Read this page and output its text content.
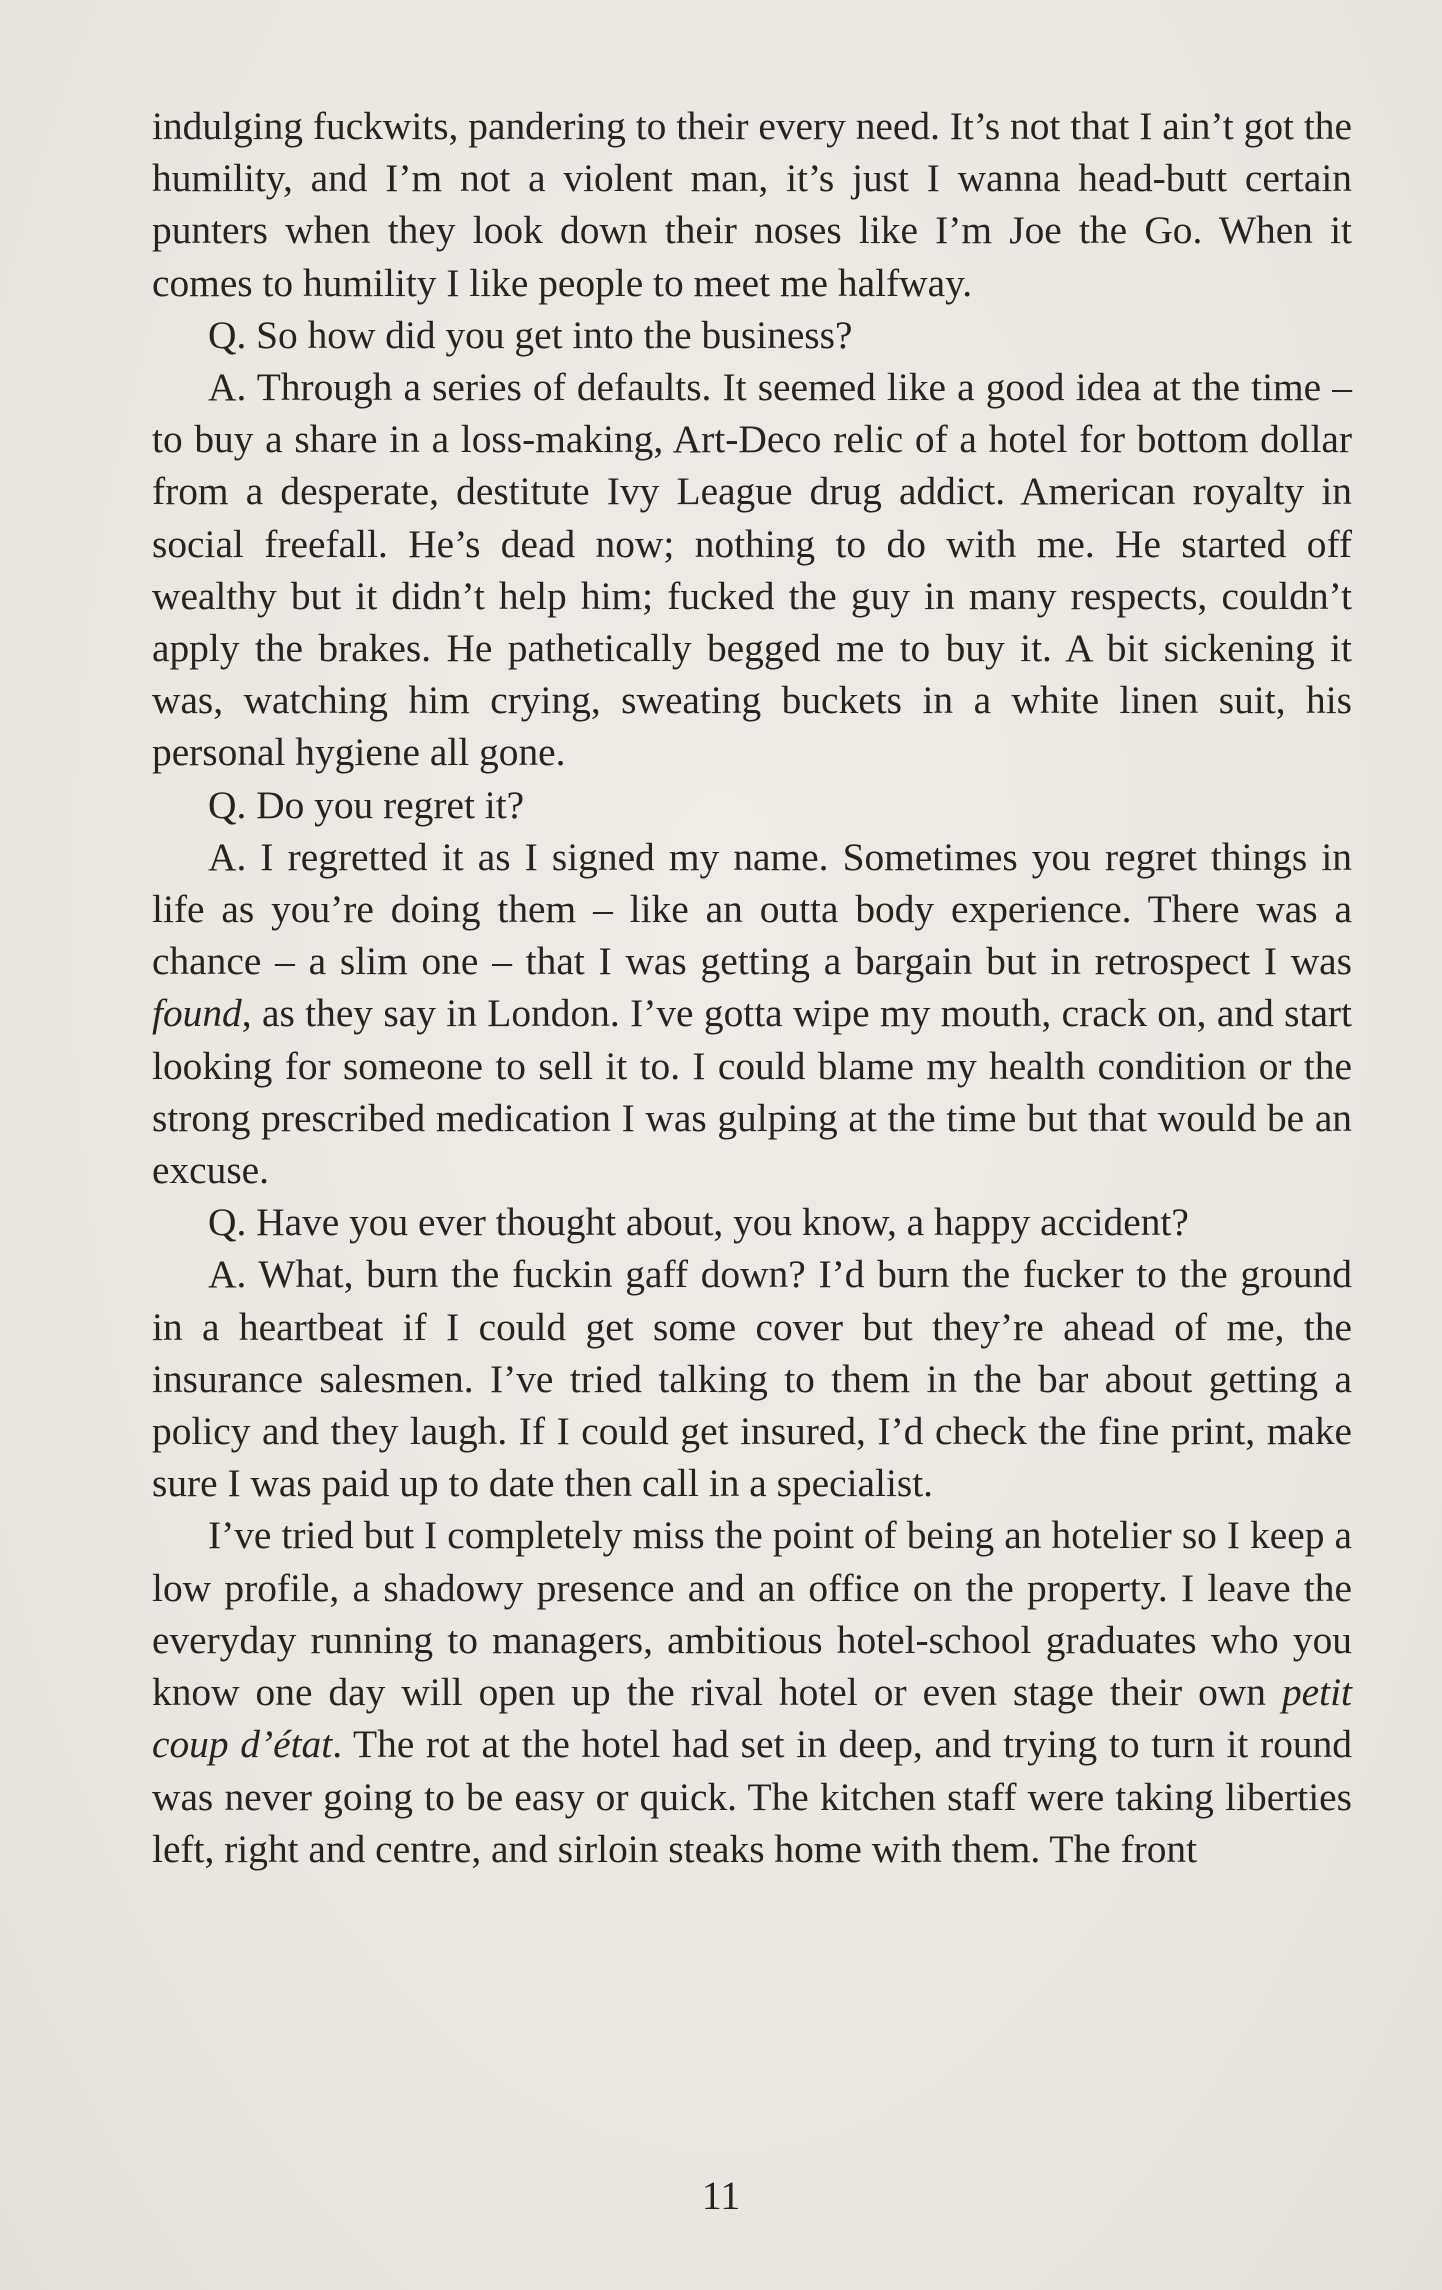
indulging fuckwits, pandering to their every need. It’s not that I ain’t got the humility, and I’m not a violent man, it’s just I wanna head-butt certain punters when they look down their noses like I’m Joe the Go. When it comes to humility I like people to meet me halfway.

Q. So how did you get into the business?

A. Through a series of defaults. It seemed like a good idea at the time – to buy a share in a loss-making, Art-Deco relic of a hotel for bottom dollar from a desperate, destitute Ivy League drug addict. American royalty in social freefall. He’s dead now; nothing to do with me. He started off wealthy but it didn’t help him; fucked the guy in many respects, couldn’t apply the brakes. He pathetically begged me to buy it. A bit sickening it was, watching him crying, sweating buckets in a white linen suit, his personal hygiene all gone.

Q. Do you regret it?

A. I regretted it as I signed my name. Sometimes you regret things in life as you’re doing them – like an outta body experience. There was a chance – a slim one – that I was getting a bargain but in retrospect I was found, as they say in London. I’ve gotta wipe my mouth, crack on, and start looking for someone to sell it to. I could blame my health condition or the strong prescribed medication I was gulping at the time but that would be an excuse.

Q. Have you ever thought about, you know, a happy accident?

A. What, burn the fuckin gaff down? I’d burn the fucker to the ground in a heartbeat if I could get some cover but they’re ahead of me, the insurance salesmen. I’ve tried talking to them in the bar about getting a policy and they laugh. If I could get insured, I’d check the fine print, make sure I was paid up to date then call in a specialist.

I’ve tried but I completely miss the point of being an hotelier so I keep a low profile, a shadowy presence and an office on the property. I leave the everyday running to managers, ambitious hotel-school graduates who you know one day will open up the rival hotel or even stage their own petit coup d’état. The rot at the hotel had set in deep, and trying to turn it round was never going to be easy or quick. The kitchen staff were taking liberties left, right and centre, and sirloin steaks home with them. The front

11
